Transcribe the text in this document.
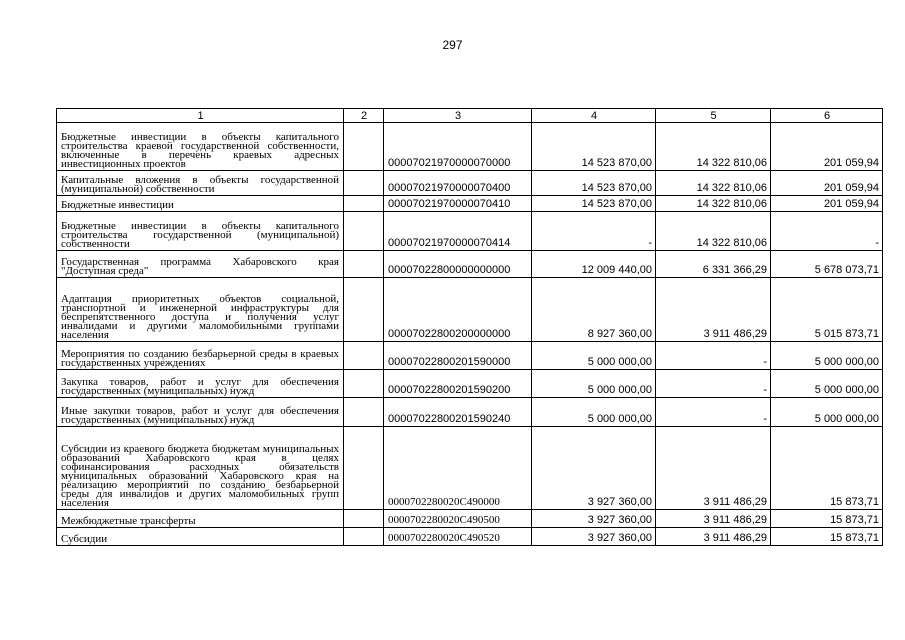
297
1	2	3	4	5	6
Бюджетные инвестиции в объекты капитального строительства краевой государственной собственности, включенные в перечень краевых адресных инвестиционных проектов		00007021970000070000	14 523 870,00	14 322 810,06	201 059,94
Капитальные вложения в объекты государственной (муниципальной) собственности		00007021970000070400	14 523 870,00	14 322 810,06	201 059,94
Бюджетные инвестиции		00007021970000070410	14 523 870,00	14 322 810,06	201 059,94
Бюджетные инвестиции в объекты капитального строительства государственной (муниципальной) собственности		00007021970000070414	-	14 322 810,06	-
Государственная программа Хабаровского края "Доступная среда"		00007022800000000000	12 009 440,00	6 331 366,29	5 678 073,71
Адаптация приоритетных объектов социальной, транспортной и инженерной инфраструктуры для беспрепятственного доступа и получения услуг инвалидами и другими маломобильными группами населения		00007022800200000000	8 927 360,00	3 911 486,29	5 015 873,71
Мероприятия по созданию безбарьерной среды в краевых государственных учреждениях		00007022800201590000	5 000 000,00	-	5 000 000,00
Закупка товаров, работ и услуг для обеспечения государственных (муниципальных) нужд		00007022800201590200	5 000 000,00	-	5 000 000,00
Иные закупки товаров, работ и услуг для обеспечения государственных (муниципальных) нужд		00007022800201590240	5 000 000,00	-	5 000 000,00
Субсидии из краевого бюджета бюджетам муниципальных образований Хабаровского края в целях софинансирования расходных обязательств муниципальных образований Хабаровского края на реализацию мероприятий по созданию безбарьерной среды для инвалидов и других маломобильных групп населения		000070228002​0C490000	3 927 360,00	3 911 486,29	15 873,71
Межбюджетные трансферты		0000702280020C490500	3 927 360,00	3 911 486,29	15 873,71
Субсидии		0000702280020C490520	3 927 360,00	3 911 486,29	15 873,71
